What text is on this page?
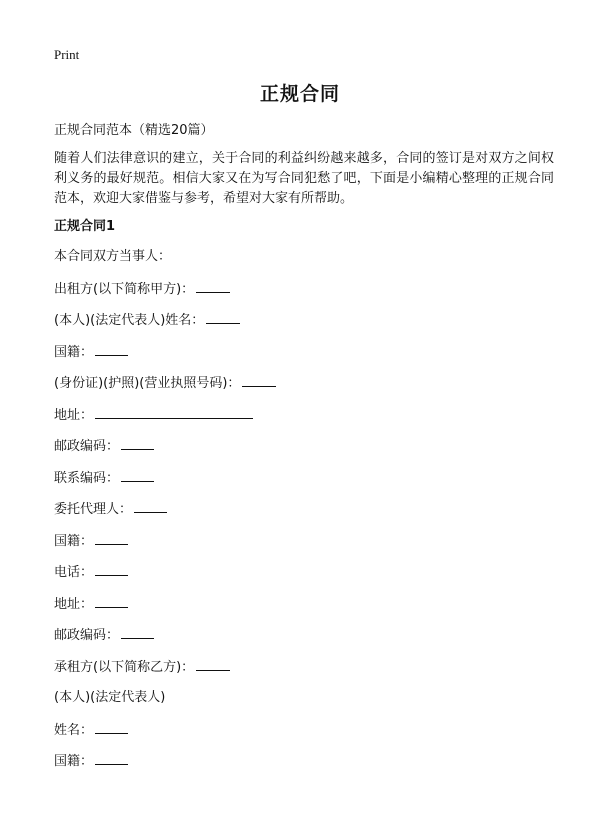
Print
正规合同
正规合同范本（精选20篇）

随着人们法律意识的建立，关于合同的利益纠纷越来越多，合同的签订是对双方之间权利义务的最好规范。相信大家又在为写合同犯愁了吧，下面是小编精心整理的正规合同范本，欢迎大家借鉴与参考，希望对大家有所帮助。

正规合同1
本合同双方当事人：
出租方(以下简称甲方)：
(本人)(法定代表人)姓名：
国籍：
(身份证)(护照)(营业执照号码)：
地址：
邮政编码：
联系编码：
委托代理人：
国籍：
电话：
地址：
邮政编码：
承租方(以下简称乙方)：
(本人)(法定代表人)
姓名：
国籍：
